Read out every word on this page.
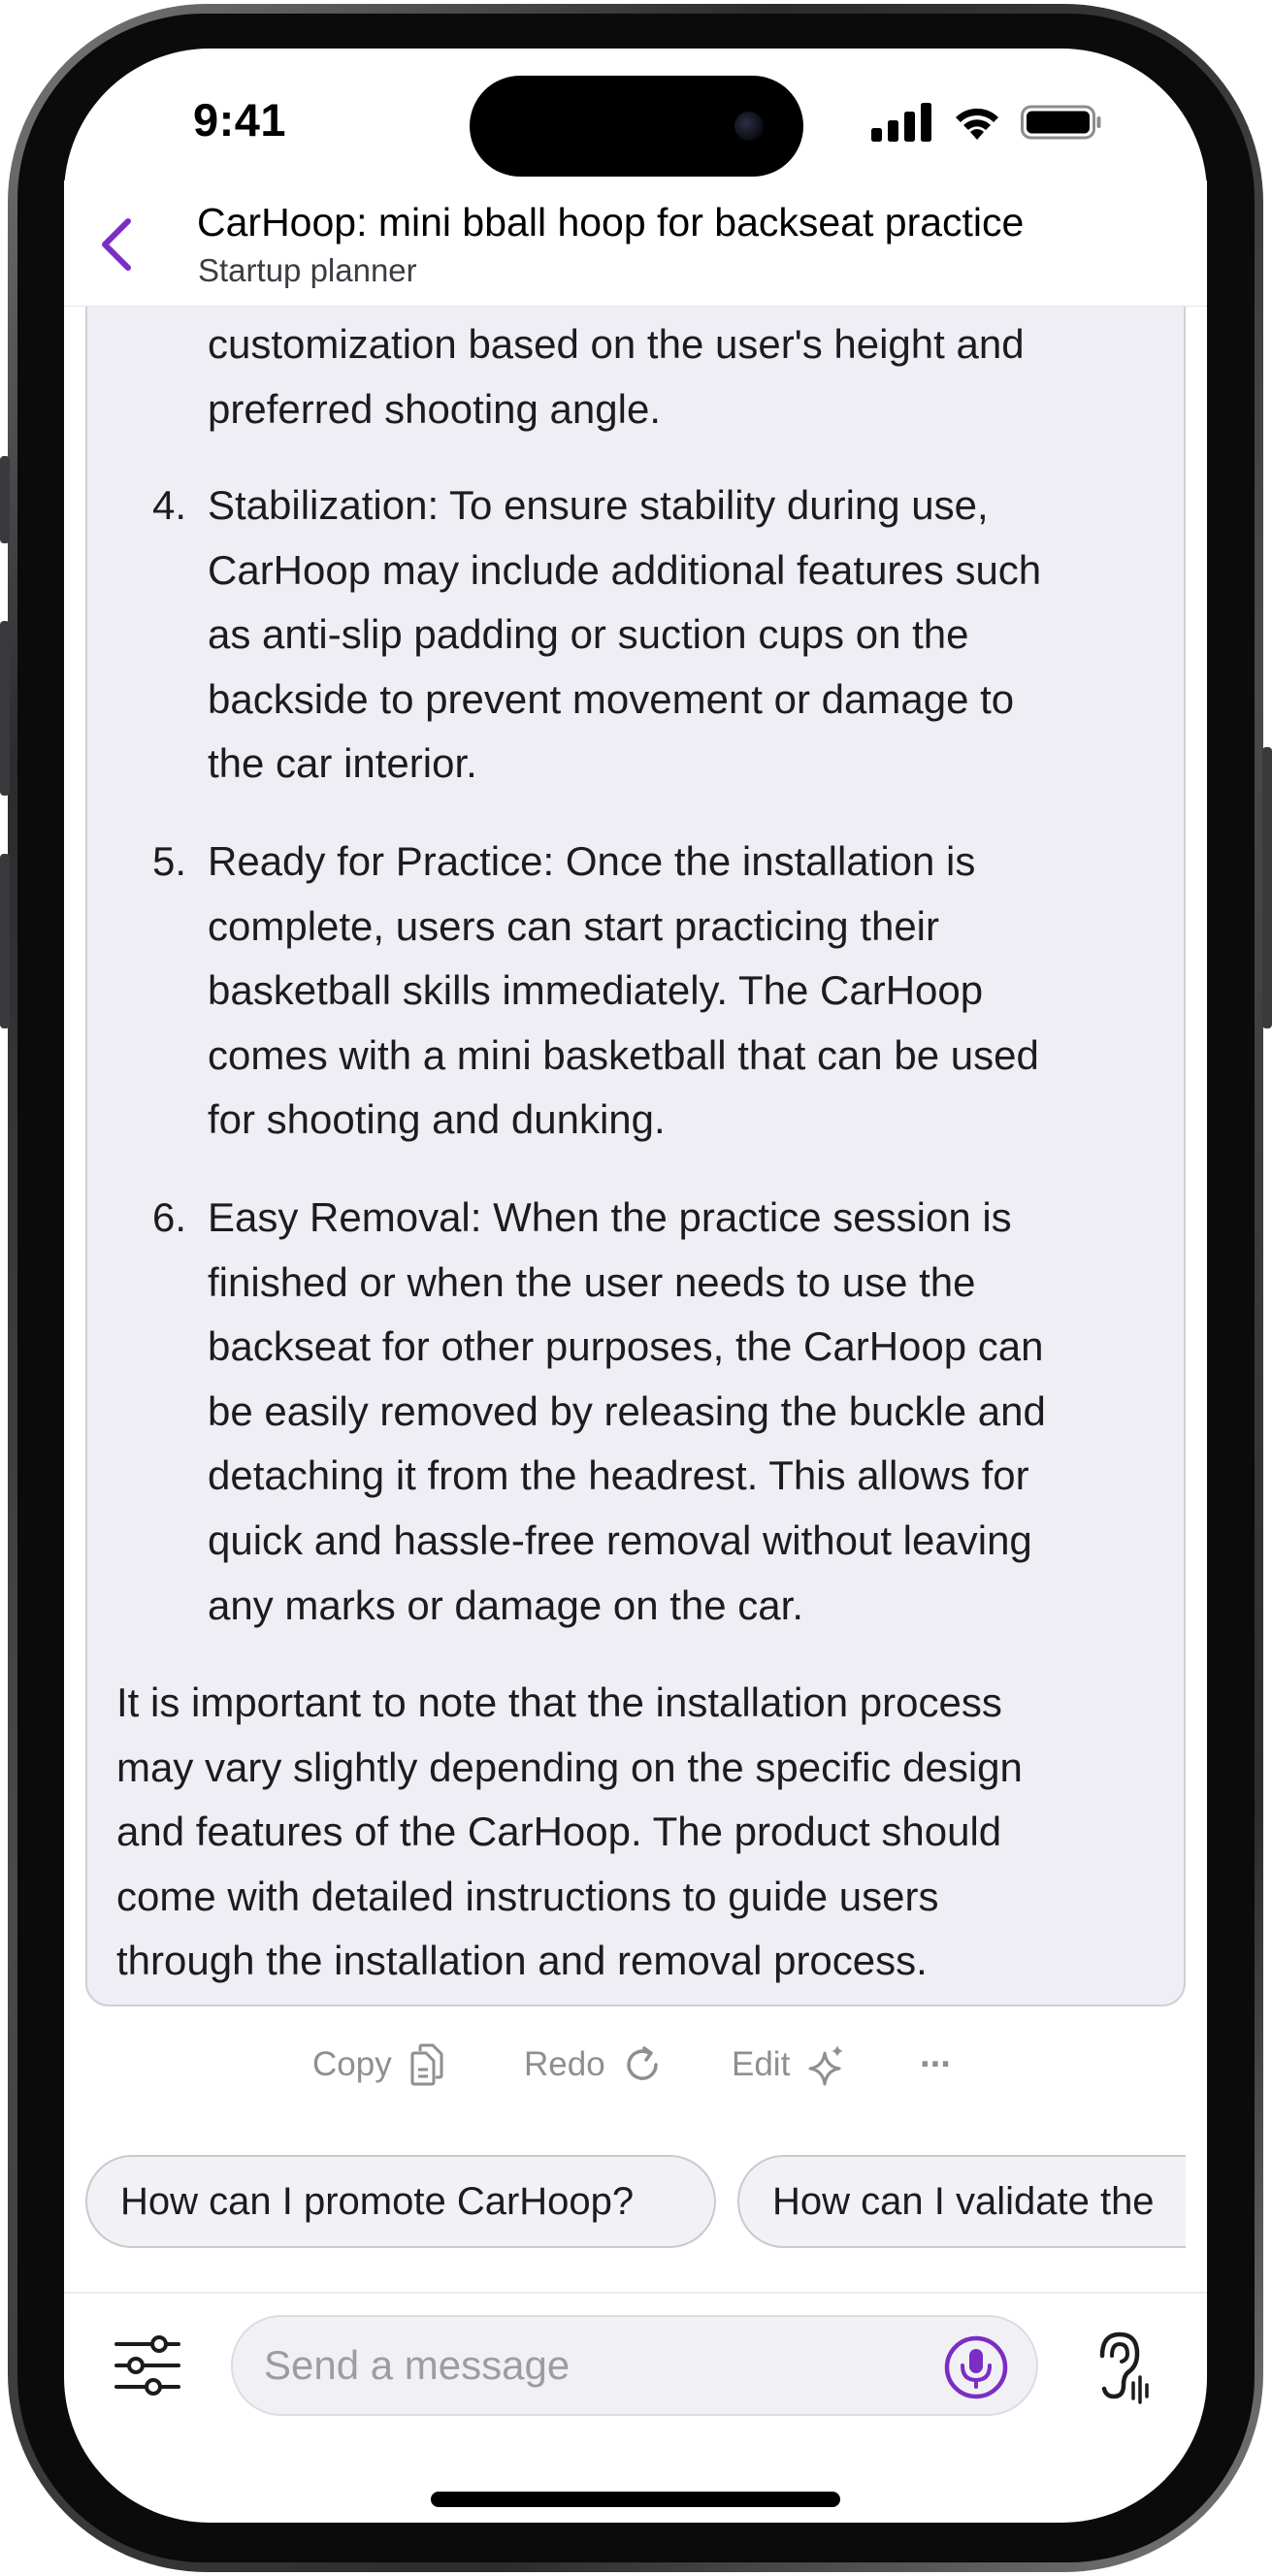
9:41
customization based on the user's height and
preferred shooting angle.
4. Stabilization: To ensure stability during use,
CarHoop may include additional features such
as anti-slip padding or suction cups on the
backside to prevent movement or damage to
the car interior.
5. Ready for Practice: Once the installation is
complete, users can start practicing their
basketball skills immediately. The CarHoop
comes with a mini basketball that can be used
for shooting and dunking.
6. Easy Removal: When the practice session is
finished or when the user needs to use the
backseat for other purposes, the CarHoop can
be easily removed by releasing the buckle and
detaching it from the headrest. This allows for
quick and hassle-free removal without leaving
any marks or damage on the car.
It is important to note that the installation process
may vary slightly depending on the specific design
and features of the CarHoop. The product should
come with detailed instructions to guide users
through the installation and removal process.
CarHoop: mini bball hoop for backseat practice
Startup planner
Copy	Redo	Edit	···
How can I promote CarHoop?	How can I validate the
Send a message
